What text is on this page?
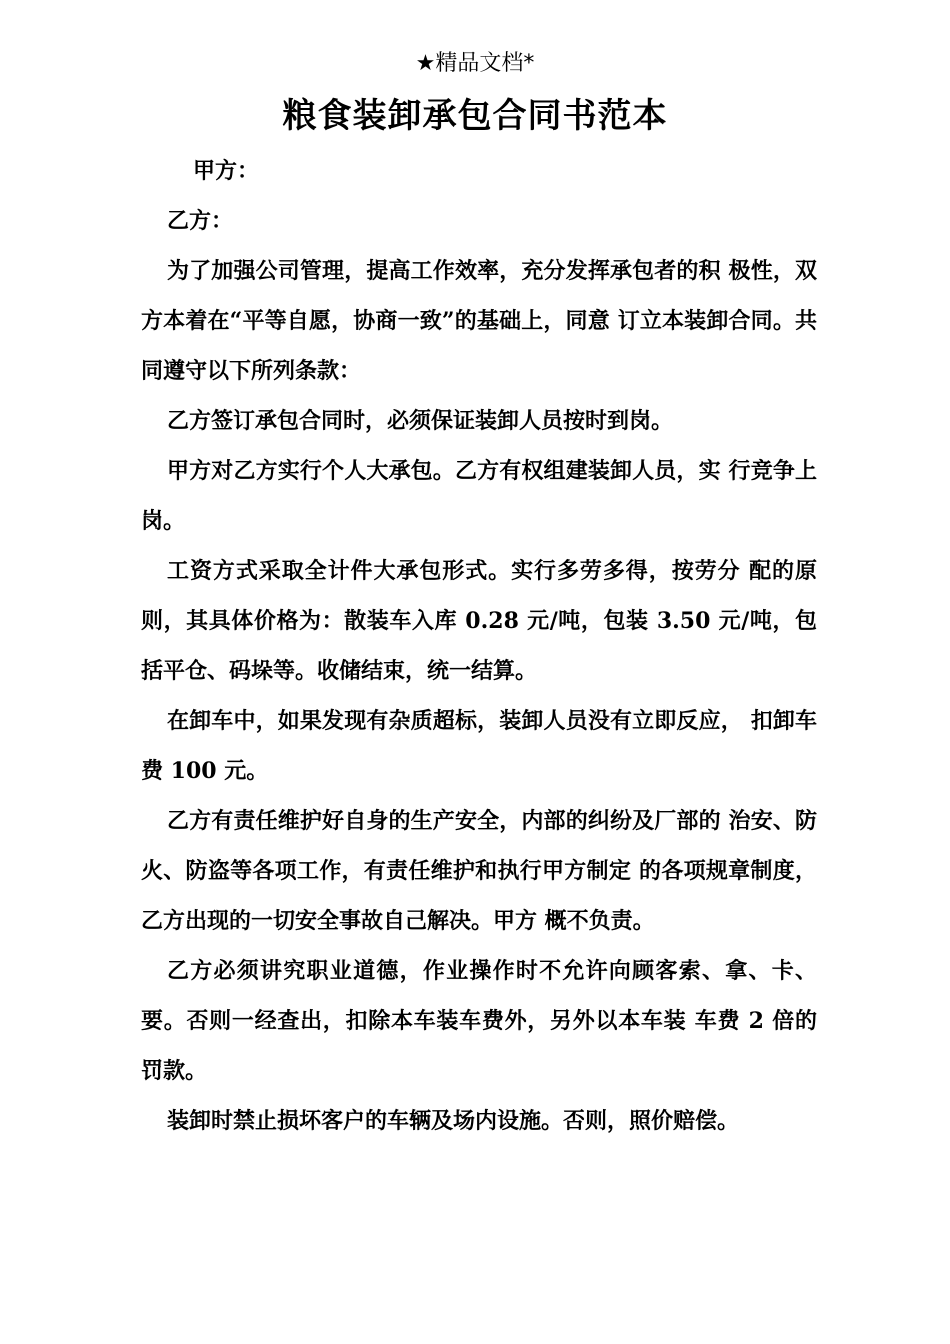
★精品文档*
粮食装卸承包合同书范本

甲方：

乙方：

为了加强公司管理，提高工作效率，充分发挥承包者的积 极性，双方本着在“平等自愿，协商一致”的基础上，同意 订立本装卸合同。共同遵守以下所列条款：

乙方签订承包合同时，必须保证装卸人员按时到岗。

甲方对乙方实行个人大承包。乙方有权组建装卸人员，实 行竞争上岗。

工资方式采取全计件大承包形式。实行多劳多得，按劳分 配的原则，其具体价格为：散装车入库 0.28 元/吨，包装 3.50 元/吨，包括平仓、码垛等。收储结束，统一结算。

在卸车中，如果发现有杂质超标，装卸人员没有立即反应， 扣卸车费 100 元。

乙方有责任维护好自身的生产安全，内部的纠纷及厂部的 治安、防火、防盗等各项工作，有责任维护和执行甲方制定 的各项规章制度，乙方出现的一切安全事故自己解决。甲方 概不负责。

乙方必须讲究职业道德，作业操作时不允许向顾客索、拿、卡、要。否则一经查出，扣除本车装车费外，另外以本车装 车费 2 倍的罚款。

装卸时禁止损坏客户的车辆及场内设施。否则，照价赔偿。
